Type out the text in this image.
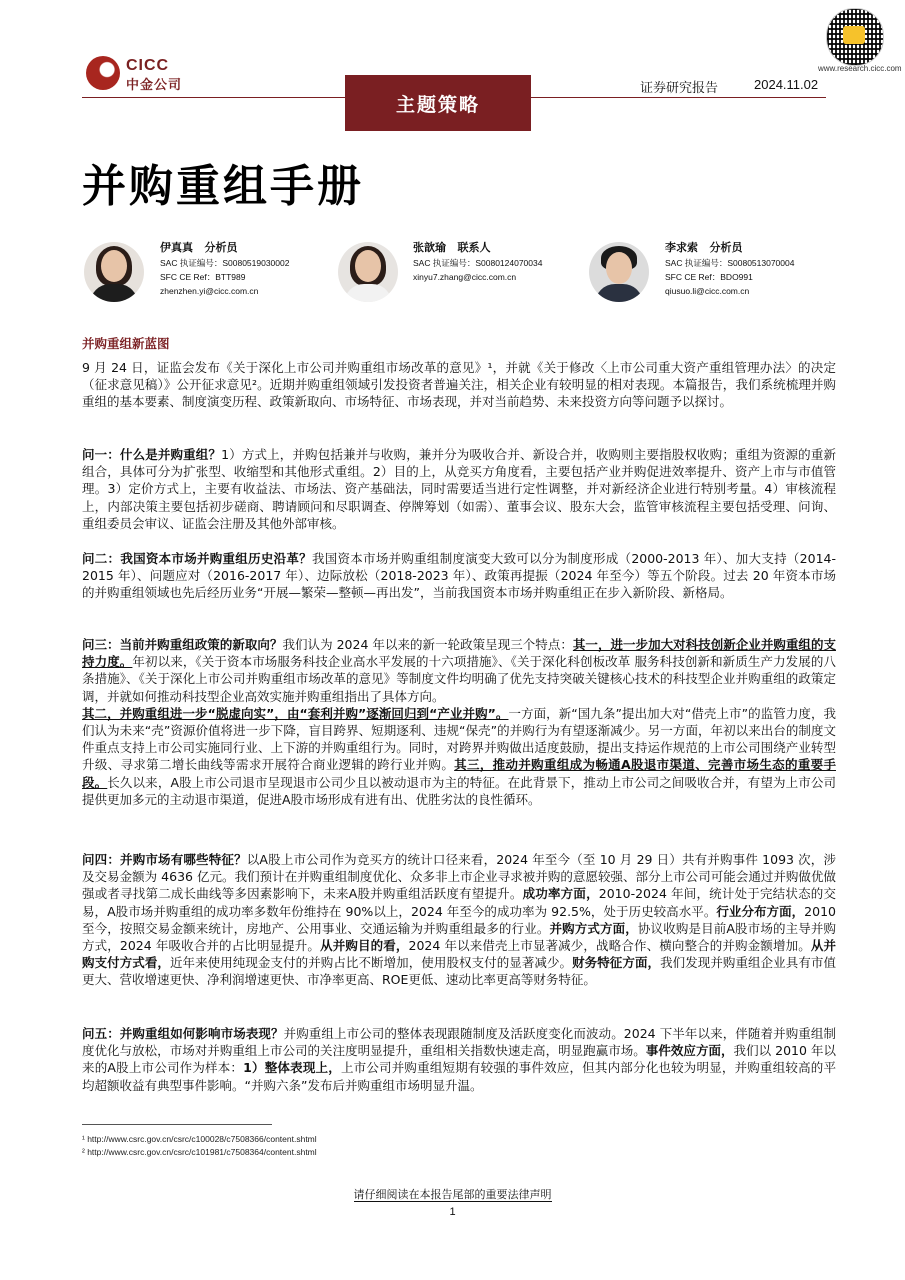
CICC
中金公司
主题策略
证券研究报告	2024.11.02
www.research.cicc.com
并购重组手册
伊真真 分析员
SAC 执证编号：S0080519030002
SFC CE Ref：BTT989
zhenzhen.yi@cicc.com.cn
张歆瑜 联系人
SAC 执证编号：S0080124070034
xinyu7.zhang@cicc.com.cn
李求索 分析员
SAC 执证编号：S0080513070004
SFC CE Ref：BDO991
qiusuo.li@cicc.com.cn
并购重组新蓝图
9 月 24 日，证监会发布《关于深化上市公司并购重组市场改革的意见》¹，并就《关于修改〈上市公司重大资产重组管理办法〉的决定（征求意见稿）》公开征求意见²。近期并购重组领域引发投资者普遍关注，相关企业有较明显的相对表现。本篇报告，我们系统梳理并购重组的基本要素、制度演变历程、政策新取向、市场特征、市场表现，并对当前趋势、未来投资方向等问题予以探讨。
问一：什么是并购重组？1）方式上，并购包括兼并与收购，兼并分为吸收合并、新设合并，收购则主要指股权收购；重组为资源的重新组合，具体可分为扩张型、收缩型和其他形式重组。2）目的上，从竞买方角度看，主要包括产业并购促进效率提升、资产上市与市值管理。3）定价方式上，主要有收益法、市场法、资产基础法，同时需要适当进行定性调整，并对新经济企业进行特别考量。4）审核流程上，内部决策主要包括初步磋商、聘请顾问和尽职调查、停牌筹划（如需）、董事会议、股东大会，监管审核流程主要包括受理、问询、重组委员会审议、证监会注册及其他外部审核。
问二：我国资本市场并购重组历史沿革？我国资本市场并购重组制度演变大致可以分为制度形成（2000-2013 年）、加大支持（2014-2015 年）、问题应对（2016-2017 年）、边际放松（2018-2023 年）、政策再提振（2024 年至今）等五个阶段。过去 20 年资本市场的并购重组领域也先后经历业务“开展—繁荣—整顿—再出发”，当前我国资本市场并购重组正在步入新阶段、新格局。
问三：当前并购重组政策的新取向？我们认为 2024 年以来的新一轮政策呈现三个特点：其一，进一步加大对科技创新企业并购重组的支持力度。年初以来，《关于资本市场服务科技企业高水平发展的十六项措施》、《关于深化科创板改革 服务科技创新和新质生产力发展的八条措施》、《关于深化上市公司并购重组市场改革的意见》等制度文件均明确了优先支持突破关键核心技术的科技型企业并购重组的政策定调，并就如何推动科技型企业高效实施并购重组指出了具体方向。
其二，并购重组进一步“脱虚向实”，由“套利并购”逐渐回归到“产业并购”。一方面，新“国九条”提出加大对“借壳上市”的监管力度，我们认为未来“壳”资源价值将进一步下降，盲目跨界、短期逐利、违规“保壳”的并购行为有望逐渐减少。另一方面，年初以来出台的制度文件重点支持上市公司实施同行业、上下游的并购重组行为。同时，对跨界并购做出适度鼓励，提出支持运作规范的上市公司围绕产业转型升级、寻求第二增长曲线等需求开展符合商业逻辑的跨行业并购。其三，推动并购重组成为畅通A股退市渠道、完善市场生态的重要手段。长久以来，A股上市公司退市呈现退市公司少且以被动退市为主的特征。在此背景下，推动上市公司之间吸收合并，有望为上市公司提供更加多元的主动退市渠道，促进A股市场形成有进有出、优胜劣汰的良性循环。
问四：并购市场有哪些特征？以A股上市公司作为竞买方的统计口径来看，2024 年至今（至 10 月 29 日）共有并购事件 1093 次，涉及交易金额为 4636 亿元。我们预计在并购重组制度优化、众多非上市企业寻求被并购的意愿较强、部分上市公司可能会通过并购做优做强或者寻找第二成长曲线等多因素影响下，未来A股并购重组活跃度有望提升。成功率方面，2010-2024 年间，统计处于完结状态的交易，A股市场并购重组的成功率多数年份维持在 90%以上，2024 年至今的成功率为 92.5%，处于历史较高水平。行业分布方面，2010 至今，按照交易金额来统计，房地产、公用事业、交通运输为并购重组最多的行业。并购方式方面，协议收购是目前A股市场的主导并购方式，2024 年吸收合并的占比明显提升。从并购目的看，2024 年以来借壳上市显著减少，战略合作、横向整合的并购金额增加。从并购支付方式看，近年来使用纯现金支付的并购占比不断增加，使用股权支付的显著减少。财务特征方面，我们发现并购重组企业具有市值更大、营收增速更快、净利润增速更快、市净率更高、ROE更低、速动比率更高等财务特征。
问五：并购重组如何影响市场表现？并购重组上市公司的整体表现跟随制度及活跃度变化而波动。2024 下半年以来，伴随着并购重组制度优化与放松，市场对并购重组上市公司的关注度明显提升，重组相关指数快速走高，明显跑赢市场。事件效应方面，我们以 2010 年以来的A股上市公司作为样本：1）整体表现上，上市公司并购重组短期有较强的事件效应，但其内部分化也较为明显，并购重组较高的平均超额收益有典型事件影响。“并购六条”发布后并购重组市场明显升温。
¹ http://www.csrc.gov.cn/csrc/c100028/c7508366/content.shtml
² http://www.csrc.gov.cn/csrc/c101981/c7508364/content.shtml
请仔细阅读在本报告尾部的重要法律声明
1
